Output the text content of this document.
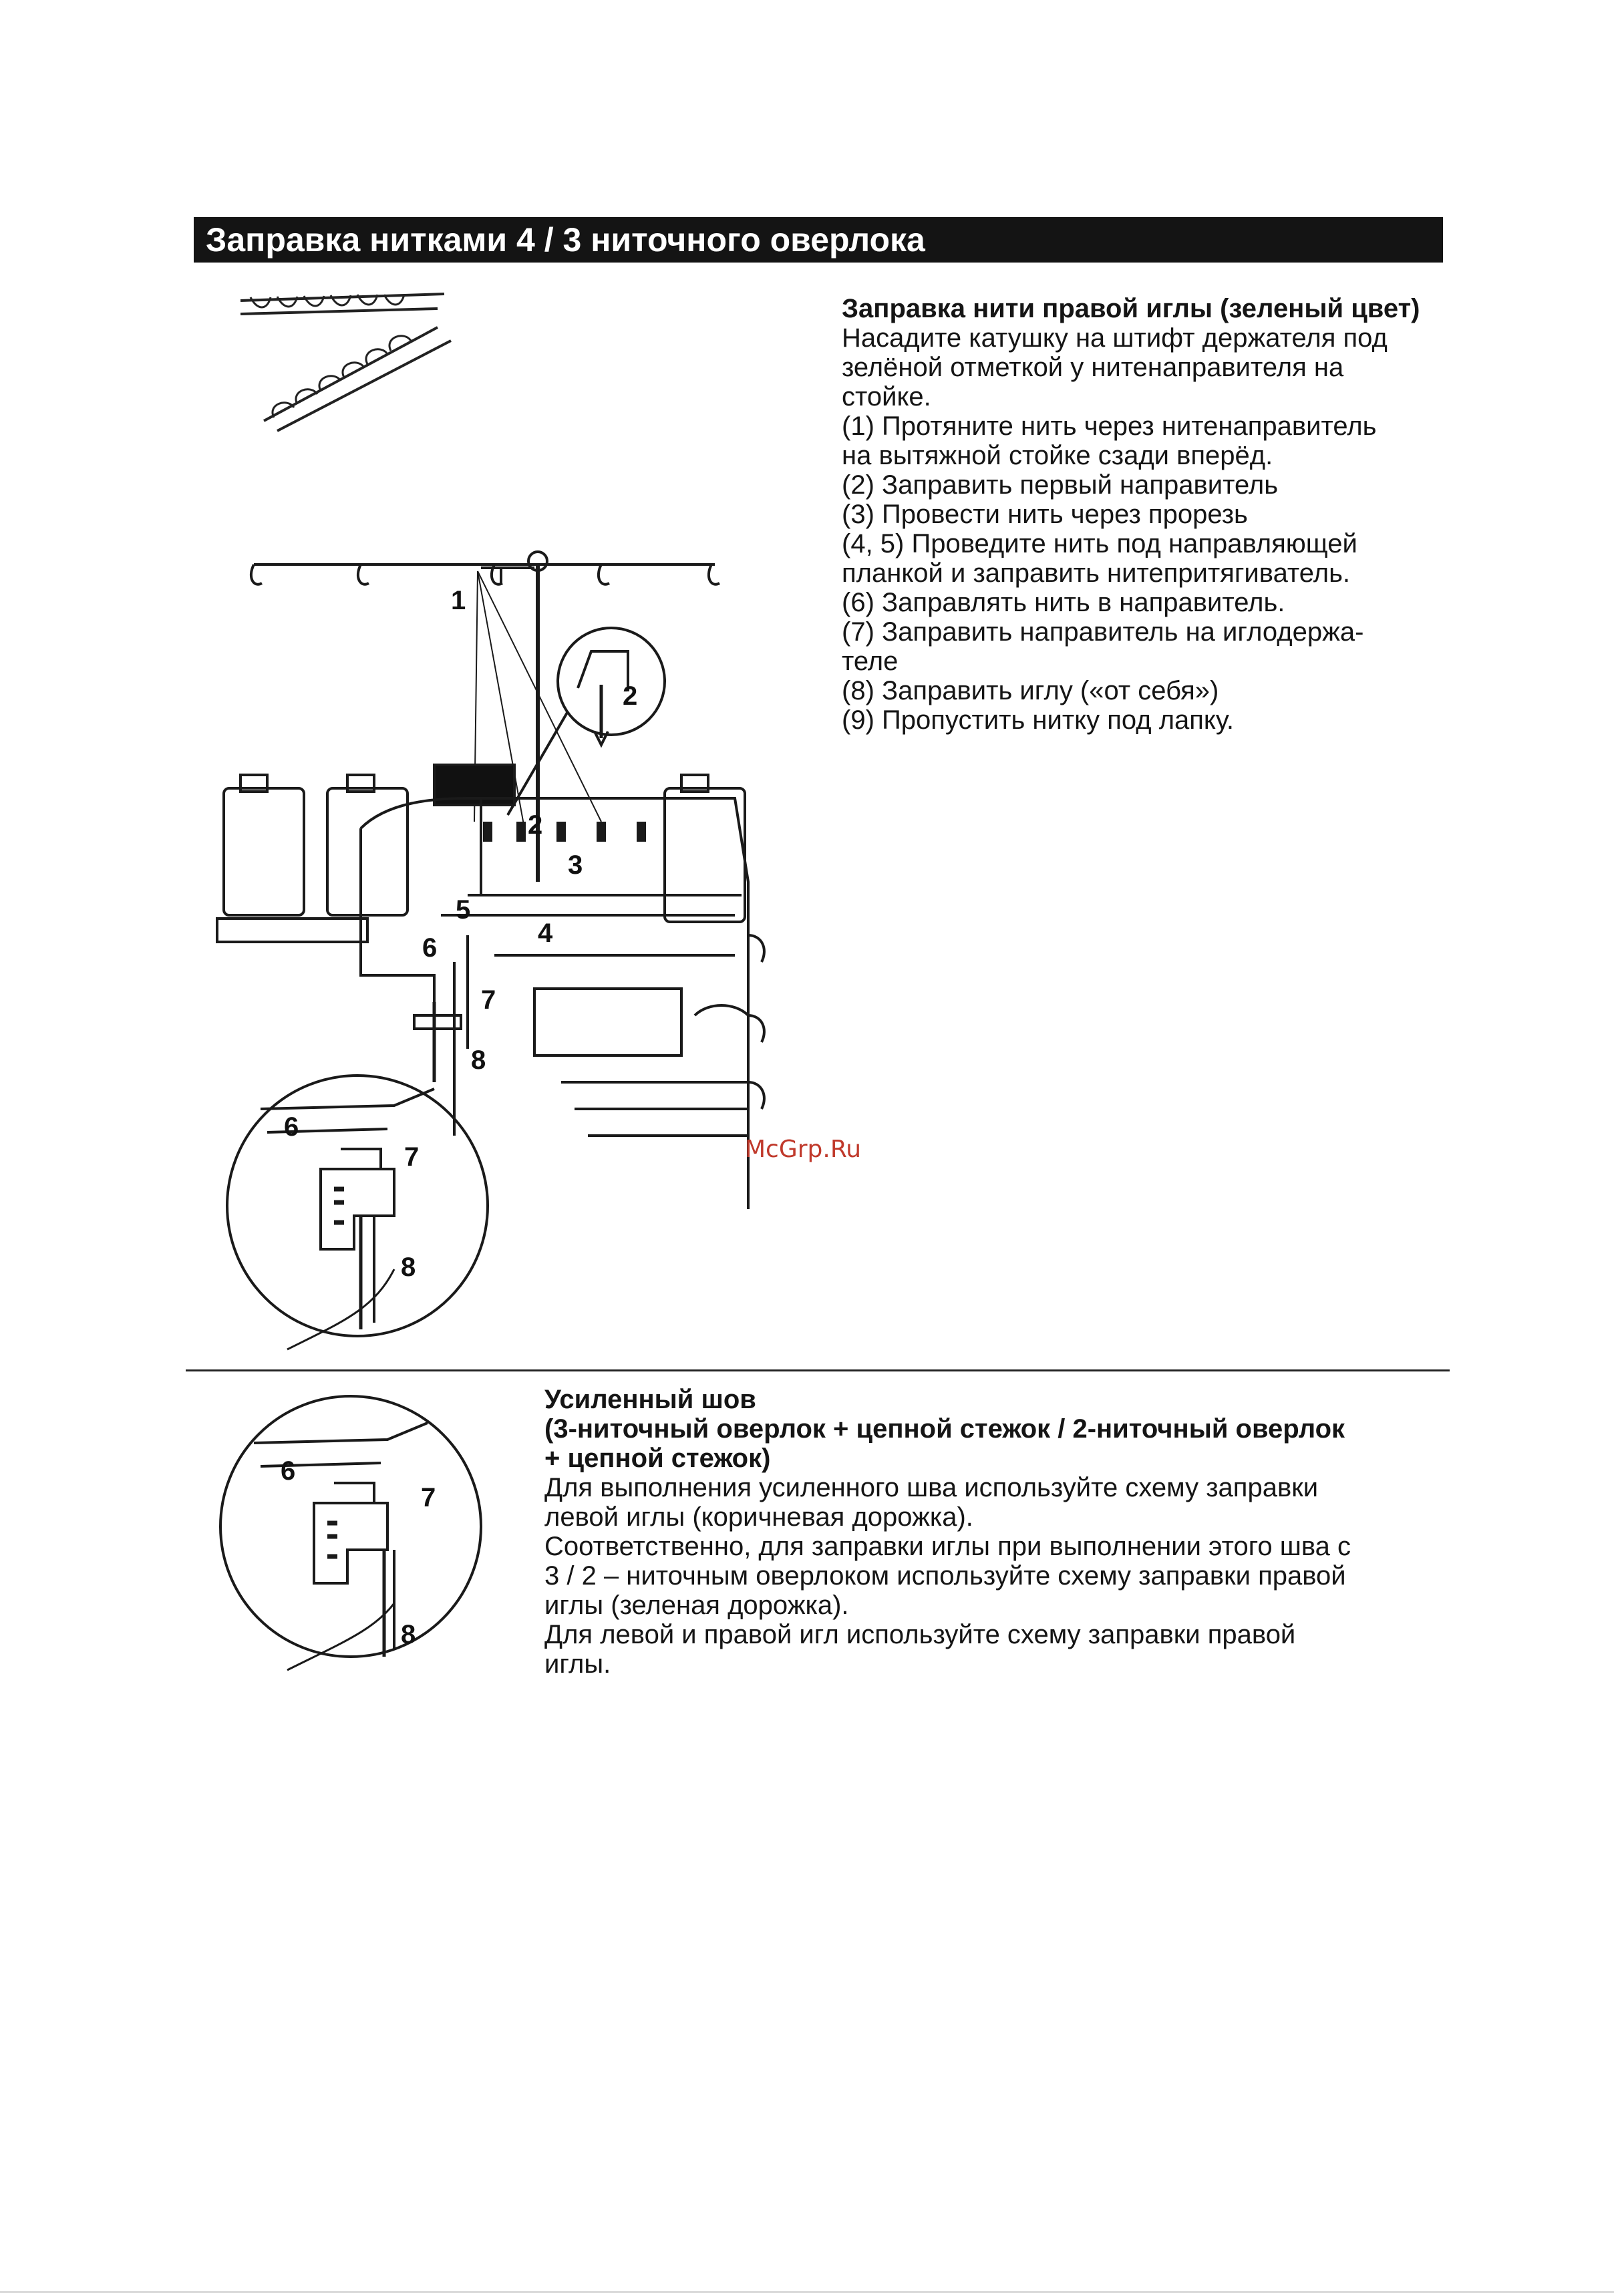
Заправка нитками 4 / 3 ниточного оверлока
1
2
2
3
4
5
6
7
8
McGrp.Ru
6
7
8

Заправка нити правой иглы (зеленый цвет)

Насадите катушку на штифт держателя под

зелёной отметкой у нитенаправителя на

стойке.

(1) Протяните нить через нитенаправитель

на вытяжной стойке сзади вперёд.

(2) Заправить первый направитель

(3) Провести нить через прорезь

(4, 5) Проведите нить под направляющей

планкой и заправить нитепритягиватель.

(6) Заправлять нить в направитель.

(7) Заправить направитель на иглодержа-

теле

(8) Заправить иглу («от себя»)

(9) Пропустить нитку под лапку.

6
7
8

Усиленный шов

(3-ниточный оверлок + цепной стежок / 2-ниточный оверлок

+ цепной стежок)

Для выполнения усиленного шва используйте схему заправки

левой иглы (коричневая дорожка).

Соответственно, для заправки иглы при выполнении этого шва с

3 / 2 – ниточным оверлоком используйте схему заправки правой

иглы (зеленая дорожка).

Для левой и правой игл используйте схему заправки правой

иглы.
